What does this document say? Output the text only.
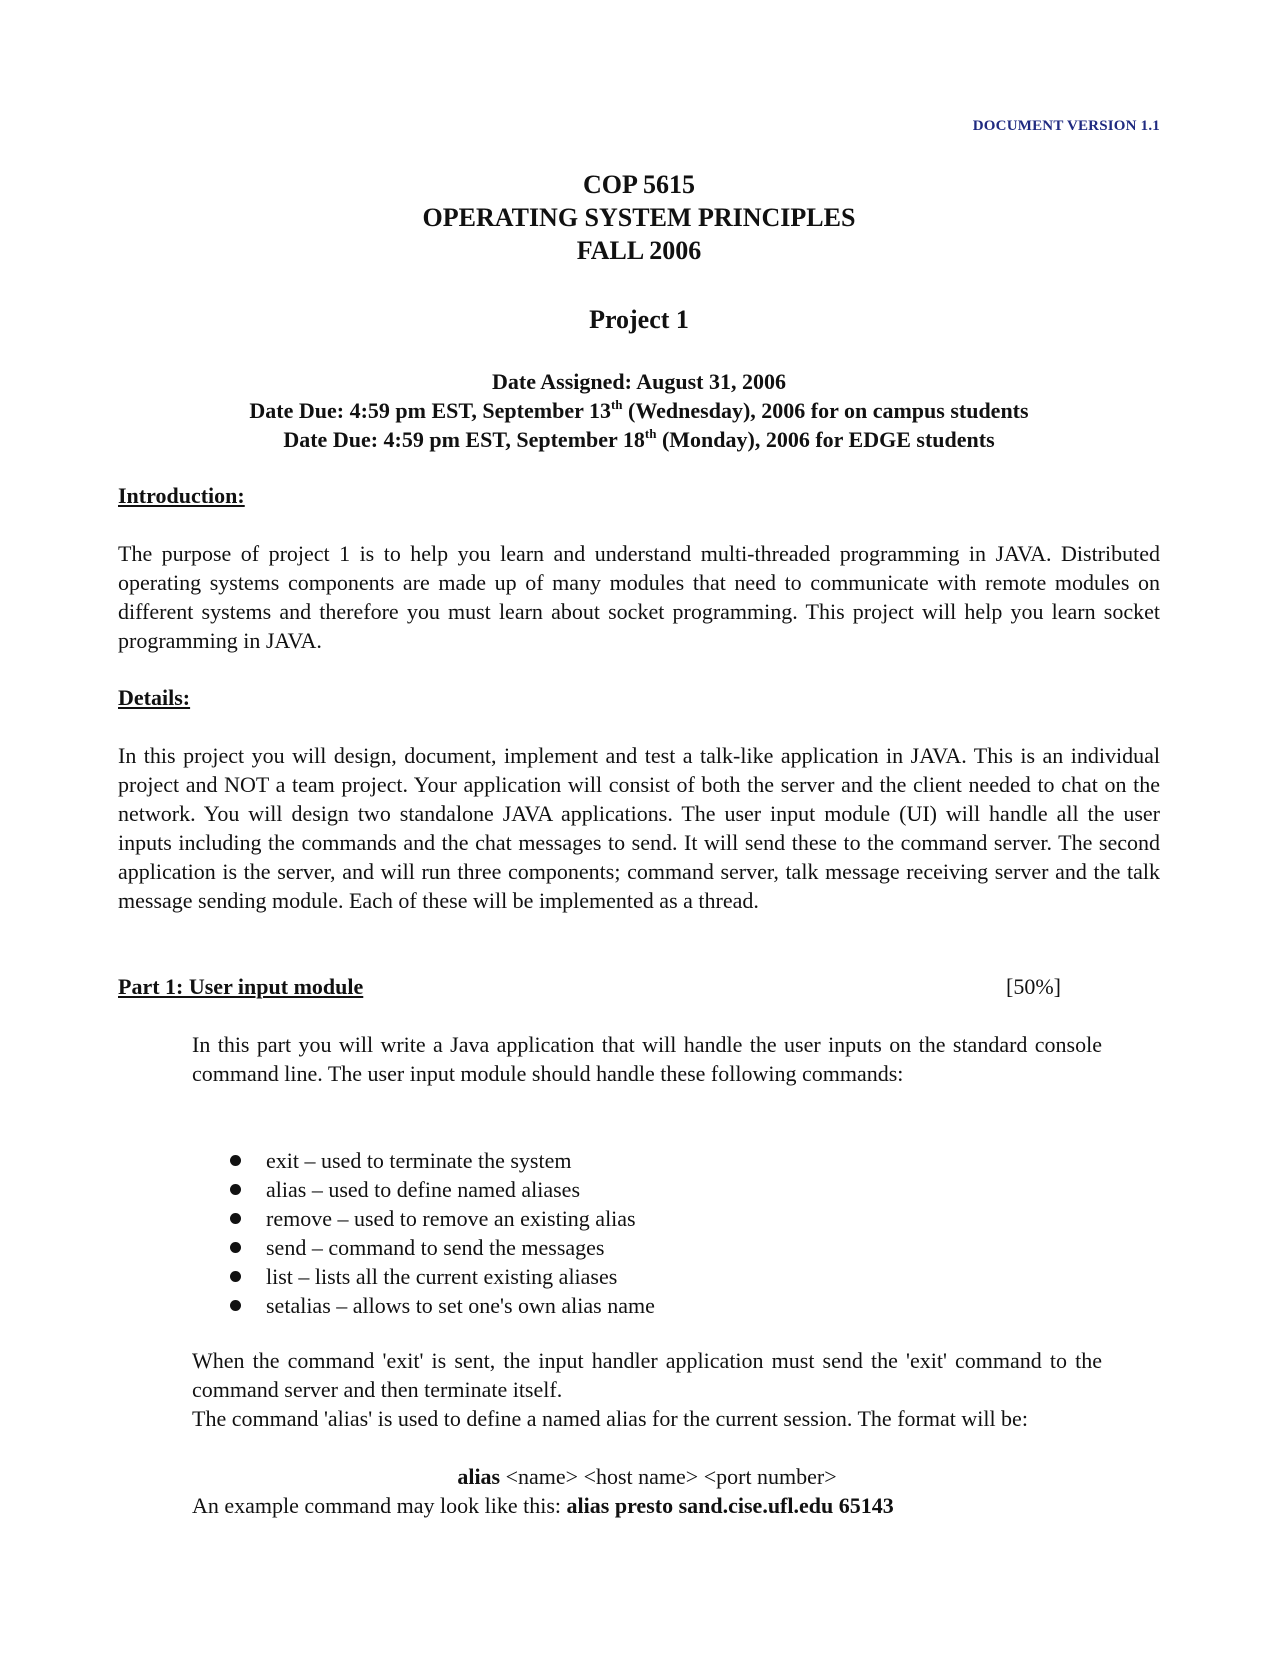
DOCUMENT VERSION 1.1
COP 5615
OPERATING SYSTEM PRINCIPLES
FALL 2006
Project 1
Date Assigned: August 31, 2006
Date Due: 4:59 pm EST, September 13th (Wednesday), 2006 for on campus students
Date Due: 4:59 pm EST, September 18th (Monday), 2006 for EDGE students
Introduction:

The purpose of project 1 is to help you learn and understand multi-threaded programming in JAVA. Distributed operating systems components are made up of many modules that need to communicate with remote modules on different systems and therefore you must learn about socket programming. This project will help you learn socket programming in JAVA.

Details:

In this project you will design, document, implement and test a talk-like application in JAVA. This is an individual project and NOT a team project. Your application will consist of both the server and the client needed to chat on the network. You will design two standalone JAVA applications. The user input module (UI) will handle all the user inputs including the commands and the chat messages to send. It will send these to the command server. The second application is the server, and will run three components; command server, talk message receiving server and the talk message sending module. Each of these will be implemented as a thread.

Part 1: User input module	[50%]

In this part you will write a Java application that will handle the user inputs on the standard console command line. The user input module should handle these following commands:

exit – used to terminate the system
alias – used to define named aliases
remove – used to remove an existing alias
send – command to send the messages
list – lists all the current existing aliases
setalias – allows to set one's own alias name

When the command 'exit' is sent, the input handler application must send the 'exit' command to the command server and then terminate itself.

The command 'alias' is used to define a named alias for the current session. The format will be:

alias <name> <host name> <port number>
An example command may look like this: alias presto sand.cise.ufl.edu 65143
